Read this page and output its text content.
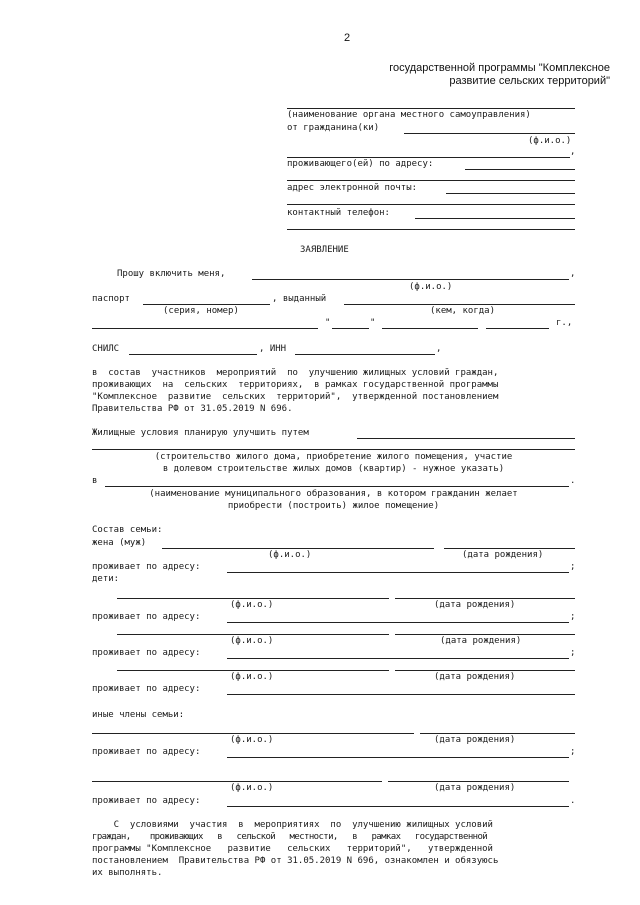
2
государственной программы "Комплексное
развитие сельских территорий"
(наименование органа местного самоуправления)
от гражданина(ки)
(ф.и.о.)
,
проживающего(ей) по адресу:
адрес электронной почты:
контактный телефон:
ЗАЯВЛЕНИЕ
Прошу включить меня,	,
(ф.и.о.)
паспорт	, выданный
(серия, номер)	(кем, когда)
"	"	г.,
СНИЛС	, ИНН	,
в  состав  участников  мероприятий  по  улучшению жилищных условий граждан,
проживающих  на  сельских  территориях,  в рамках государственной программы
"Комплексное  развитие  сельских  территорий",  утвержденной постановлением
Правительства РФ от 31.05.2019 N 696.
Жилищные условия планирую улучшить путем
(строительство жилого дома, приобретение жилого помещения, участие
в долевом строительстве жилых домов (квартир) - нужное указать)
в	.
(наименование муниципального образования, в котором гражданин желает
приобрести (построить) жилое помещение)
Состав семьи:
жена (муж)
(ф.и.о.)	(дата рождения)
проживает по адресу:	;
дети:
(ф.и.о.)	(дата рождения)
проживает по адресу:	;
(ф.и.о.)	(дата рождения)
проживает по адресу:	;
(ф.и.о.)	(дата рождения)
проживает по адресу:
иные члены семьи:
(ф.и.о.)	(дата рождения)
проживает по адресу:	;
(ф.и.о.)	(дата рождения)
проживает по адресу:	.
С  условиями  участия  в  мероприятиях  по  улучшению жилищных условий
граждан,    проживающих   в   сельской   местности,   в   рамках   государственной
программы "Комплексное   развитие   сельских   территорий",   утвержденной
постановлением  Правительства РФ от 31.05.2019 N 696, ознакомлен и обязуюсь
их выполнять.
